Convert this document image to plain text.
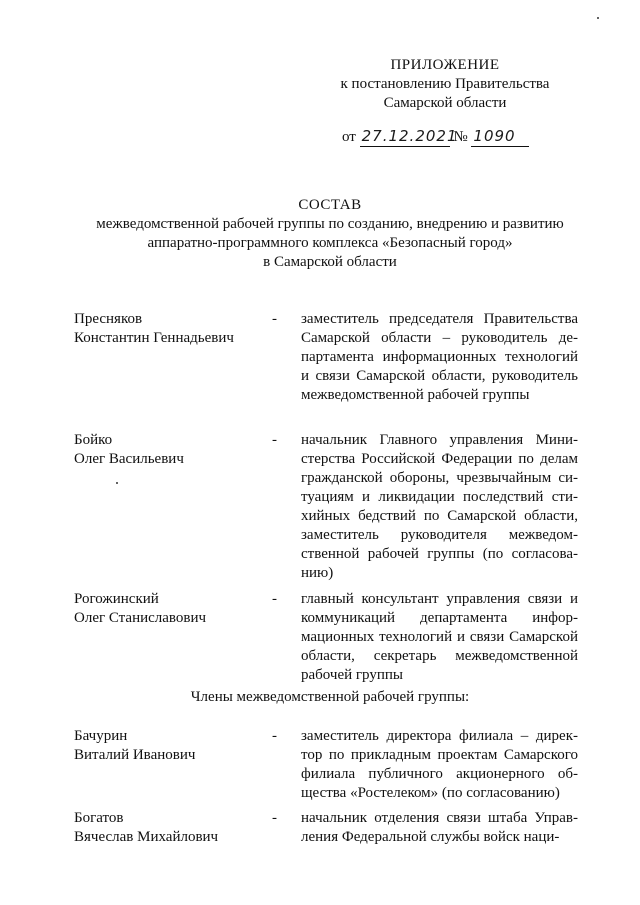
ПРИЛОЖЕНИЕ
к постановлению Правительства
Самарской области
от 27.12.2021 № 1090
СОСТАВ
межведомственной рабочей группы по созданию, внедрению и развитию
аппаратно-программного комплекса «Безопасный город»
в Самарской области
Пресняков
Константин Геннадьевич
- заместитель председателя Правительства Самарской области – руководитель департамента информационных технологий и связи Самарской области, руководитель межведомственной рабочей группы
Бойко
Олег Васильевич
- начальник Главного управления Министерства Российской Федерации по делам гражданской обороны, чрезвычайным ситуациям и ликвидации последствий стихийных бедствий по Самарской области, заместитель руководителя межведомственной рабочей группы (по согласованию)
Рогожинский
Олег Станиславович
- главный консультант управления связи и коммуникаций департамента информационных технологий и связи Самарской области, секретарь межведомственной рабочей группы
Члены межведомственной рабочей группы:
Бачурин
Виталий Иванович
- заместитель директора филиала – директор по прикладным проектам Самарского филиала публичного акционерного общества «Ростелеком» (по согласованию)
Богатов
Вячеслав Михайлович
- начальник отделения связи штаба Управления Федеральной службы войск наци-
